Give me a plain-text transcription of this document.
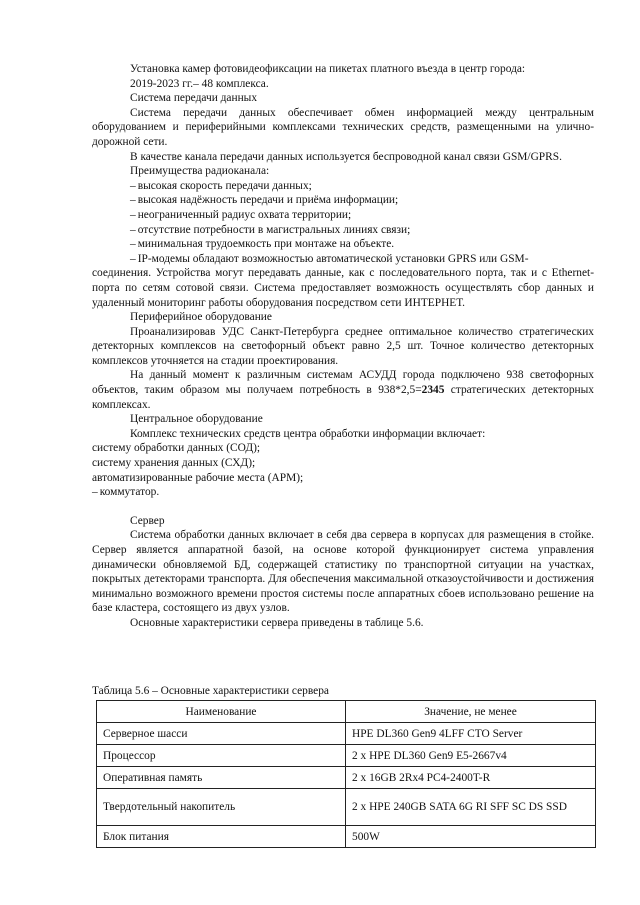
Установка камер фотовидеофиксации на пикетах платного въезда в центр города:

2019-2023 гг.– 48 комплекса.

Система передачи данных

Система передачи данных обеспечивает обмен информацией между центральным оборудованием и периферийными комплексами технических средств, размещенными на улично-дорожной сети.

В качестве канала передачи данных используется беспроводной канал связи GSM/GPRS.

Преимущества радиоканала:

– высокая скорость передачи данных;

– высокая надёжность передачи и приёма информации;

– неограниченный радиус охвата территории;

– отсутствие потребности в магистральных линиях связи;

– минимальная трудоемкость при монтаже на объекте.

– IP-модемы обладают возможностью автоматической установки GPRS или GSM-

соединения. Устройства могут передавать данные, как с последовательного порта, так и с Ethernet-порта по сетям сотовой связи. Система предоставляет возможность осуществлять сбор данных и удаленный мониторинг работы оборудования посредством сети ИНТЕРНЕТ.

Периферийное оборудование

Проанализировав УДС Санкт-Петербурга среднее оптимальное количество стратегических детекторных комплексов на светофорный объект равно 2,5 шт. Точное количество детекторных комплексов уточняется на стадии проектирования.

На данный момент к различным системам АСУДД города подключено 938 светофорных объектов, таким образом мы получаем потребность в 938*2,5=2345 стратегических детекторных комплексах.

Центральное оборудование

Комплекс технических средств центра обработки информации включает:

систему обработки данных (СОД);

систему хранения данных (СХД);

автоматизированные рабочие места (АРМ);

– коммутатор.

Сервер

Система обработки данных включает в себя два сервера в корпусах для размещения в стойке. Сервер является аппаратной базой, на основе которой функционирует система управления динамически обновляемой БД, содержащей статистику по транспортной ситуации на участках, покрытых детекторами транспорта. Для обеспечения максимальной отказоустойчивости и достижения минимально возможного времени простоя системы после аппаратных сбоев использовано решение на базе кластера, состоящего из двух узлов.

Основные характеристики сервера приведены в таблице 5.6.

Таблица 5.6 – Основные характеристики сервера
Наименование	Значение, не менее
Серверное шасси	HPE DL360 Gen9 4LFF CTO Server
Процессор	2 x HPE DL360 Gen9 E5-2667v4
Оперативная память	2 x 16GB 2Rx4 PC4-2400T-R
Твердотельный накопитель	2 x HPE 240GB SATA 6G RI SFF SC DS SSD
Блок питания	500W
